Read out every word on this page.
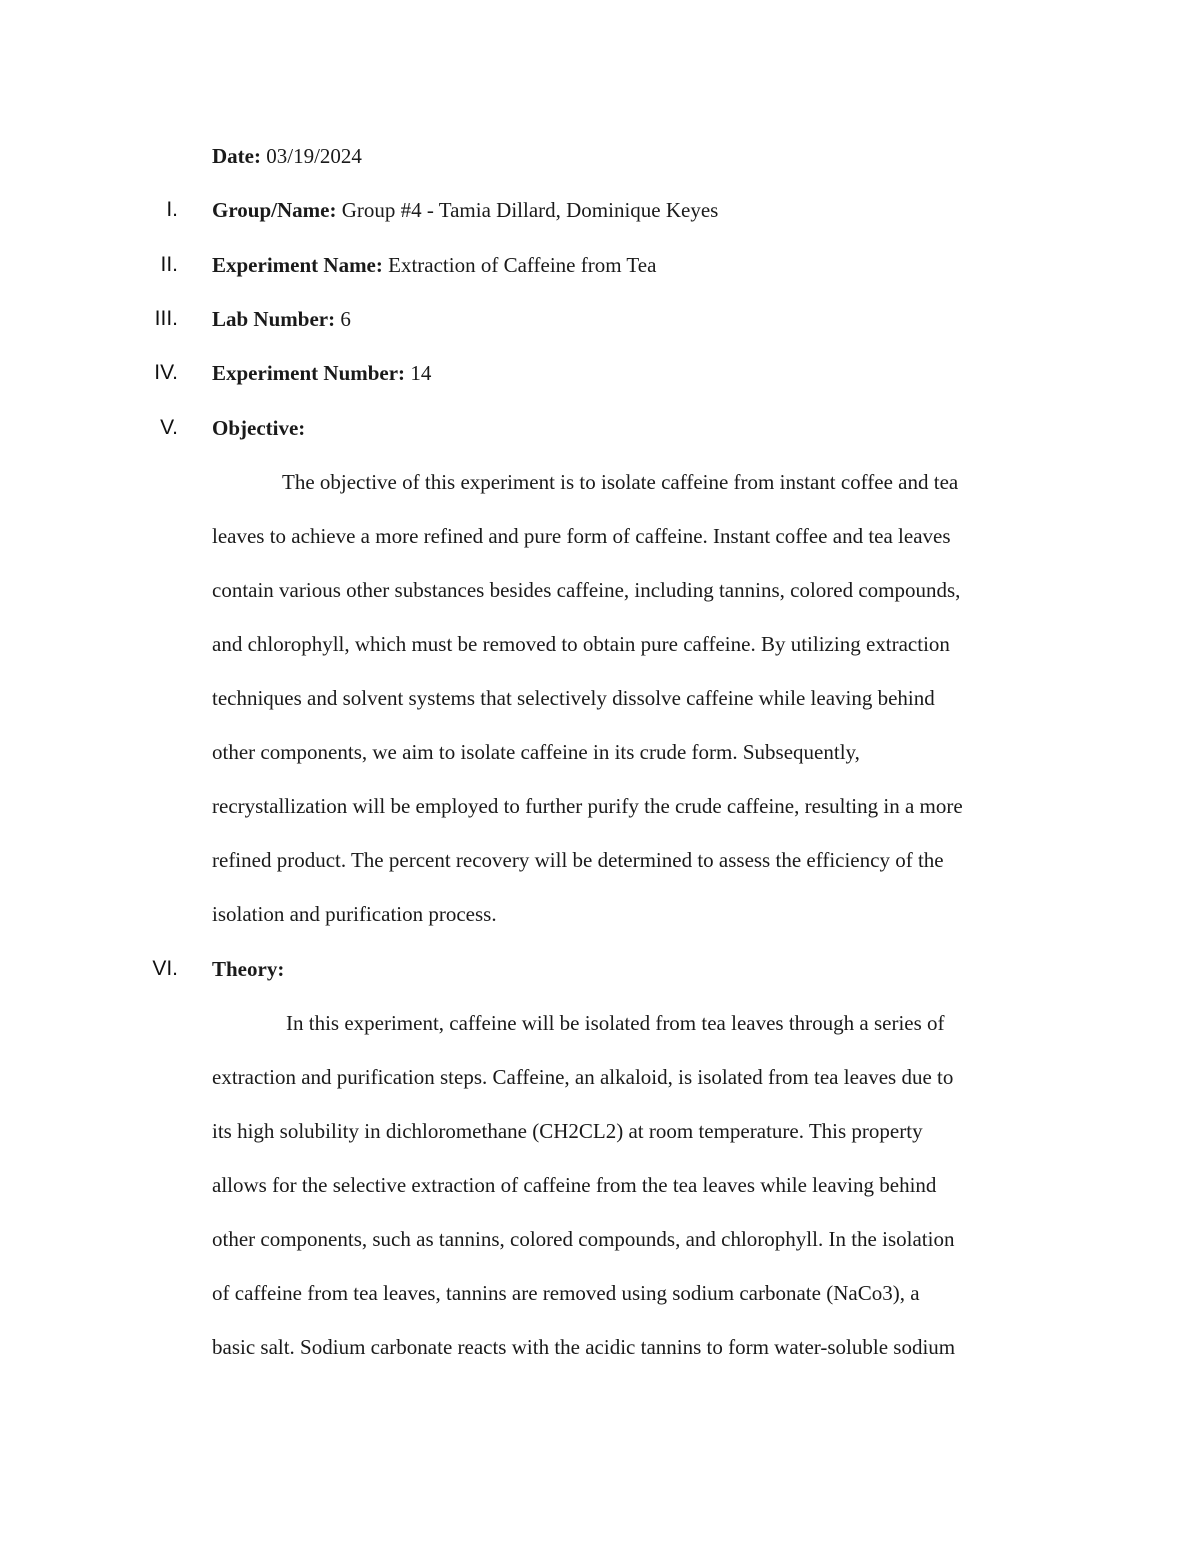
Date: 03/19/2024
I. Group/Name: Group #4 - Tamia Dillard, Dominique Keyes
II. Experiment Name: Extraction of Caffeine from Tea
III. Lab Number: 6
IV. Experiment Number: 14
V. Objective:
The objective of this experiment is to isolate caffeine from instant coffee and tea
leaves to achieve a more refined and pure form of caffeine. Instant coffee and tea leaves
contain various other substances besides caffeine, including tannins, colored compounds,
and chlorophyll, which must be removed to obtain pure caffeine. By utilizing extraction
techniques and solvent systems that selectively dissolve caffeine while leaving behind
other components, we aim to isolate caffeine in its crude form. Subsequently,
recrystallization will be employed to further purify the crude caffeine, resulting in a more
refined product. The percent recovery will be determined to assess the efficiency of the
isolation and purification process.
VI. Theory:
In this experiment, caffeine will be isolated from tea leaves through a series of
extraction and purification steps. Caffeine, an alkaloid, is isolated from tea leaves due to
its high solubility in dichloromethane (CH2CL2) at room temperature. This property
allows for the selective extraction of caffeine from the tea leaves while leaving behind
other components, such as tannins, colored compounds, and chlorophyll. In the isolation
of caffeine from tea leaves, tannins are removed using sodium carbonate (NaCo3), a
basic salt. Sodium carbonate reacts with the acidic tannins to form water-soluble sodium
